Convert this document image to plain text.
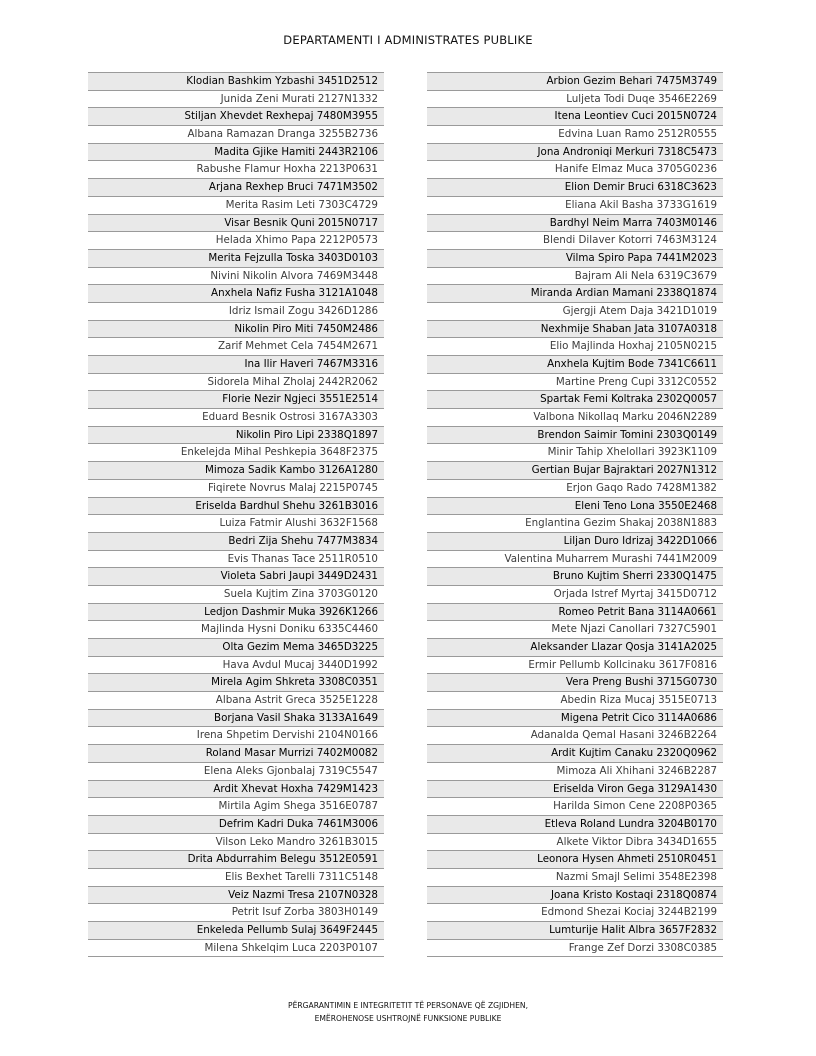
DEPARTAMENTI I ADMINISTRATES PUBLIKE
Klodian Bashkim Yzbashi 3451D2512
Junida Zeni Murati 2127N1332
Stiljan Xhevdet Rexhepaj 7480M3955
Albana Ramazan Dranga 3255B2736
Madita Gjike Hamiti 2443R2106
Rabushe Flamur Hoxha 2213P0631
Arjana Rexhep Bruci 7471M3502
Merita Rasim Leti 7303C4729
Visar Besnik Quni 2015N0717
Helada Xhimo Papa 2212P0573
Merita Fejzulla Toska 3403D0103
Nivini Nikolin Alvora 7469M3448
Anxhela Nafiz Fusha 3121A1048
Idriz Ismail Zogu 3426D1286
Nikolin Piro Miti 7450M2486
Zarif Mehmet Cela 7454M2671
Ina Ilir Haveri 7467M3316
Sidorela Mihal Zholaj 2442R2062
Florie Nezir Ngjeci 3551E2514
Eduard Besnik Ostrosi 3167A3303
Nikolin Piro Lipi 2338Q1897
Enkelejda Mihal Peshkepia 3648F2375
Mimoza Sadik Kambo 3126A1280
Fiqirete Novrus Malaj 2215P0745
Eriselda Bardhul Shehu 3261B3016
Luiza Fatmir Alushi 3632F1568
Bedri Zija Shehu 7477M3834
Evis Thanas Tace 2511R0510
Violeta Sabri Jaupi 3449D2431
Suela Kujtim Zina 3703G0120
Ledjon Dashmir Muka 3926K1266
Majlinda Hysni Doniku 6335C4460
Olta Gezim Mema 3465D3225
Hava Avdul Mucaj 3440D1992
Mirela Agim Shkreta 3308C0351
Albana Astrit Greca 3525E1228
Borjana Vasil Shaka 3133A1649
Irena Shpetim Dervishi 2104N0166
Roland Masar Murrizi 7402M0082
Elena Aleks Gjonbalaj 7319C5547
Ardit Xhevat Hoxha 7429M1423
Mirtila Agim Shega 3516E0787
Defrim Kadri Duka 7461M3006
Vilson Leko Mandro 3261B3015
Drita Abdurrahim Belegu 3512E0591
Elis Bexhet Tarelli 7311C5148
Veiz Nazmi Tresa 2107N0328
Petrit Isuf Zorba 3803H0149
Enkeleda Pellumb Sulaj 3649F2445
Milena Shkelqim Luca 2203P0107
Arbion Gezim Behari 7475M3749
Luljeta Todi Duqe 3546E2269
Itena Leontiev Cuci 2015N0724
Edvina Luan Ramo 2512R0555
Jona Androniqi Merkuri 7318C5473
Hanife Elmaz Muca 3705G0236
Elion Demir Bruci 6318C3623
Eliana Akil Basha 3733G1619
Bardhyl Neim Marra 7403M0146
Blendi Dilaver Kotorri 7463M3124
Vilma Spiro Papa 7441M2023
Bajram Ali Nela 6319C3679
Miranda Ardian Mamani 2338Q1874
Gjergji Atem Daja 3421D1019
Nexhmije Shaban Jata 3107A0318
Elio Majlinda Hoxhaj 2105N0215
Anxhela Kujtim Bode 7341C6611
Martine Preng Cupi 3312C0552
Spartak Femi Koltraka 2302Q0057
Valbona Nikollaq Marku 2046N2289
Brendon Saimir Tomini 2303Q0149
Minir Tahip Xhelollari 3923K1109
Gertian Bujar Bajraktari 2027N1312
Erjon Gaqo Rado 7428M1382
Eleni Teno Lona 3550E2468
Englantina Gezim Shakaj 2038N1883
Liljan Duro Idrizaj 3422D1066
Valentina Muharrem Murashi 7441M2009
Bruno Kujtim Sherri 2330Q1475
Orjada Istref Myrtaj 3415D0712
Romeo Petrit Bana 3114A0661
Mete Njazi Canollari 7327C5901
Aleksander Llazar Qosja 3141A2025
Ermir Pellumb Kollcinaku 3617F0816
Vera Preng Bushi 3715G0730
Abedin Riza Mucaj 3515E0713
Migena Petrit Cico 3114A0686
Adanalda Qemal Hasani 3246B2264
Ardit Kujtim Canaku 2320Q0962
Mimoza Ali Xhihani 3246B2287
Eriselda Viron Gega 3129A1430
Harilda Simon Cene 2208P0365
Etleva Roland Lundra 3204B0170
Alkete Viktor Dibra 3434D1655
Leonora Hysen Ahmeti 2510R0451
Nazmi Smajl Selimi 3548E2398
Joana Kristo Kostaqi 2318Q0874
Edmond Shezai Kociaj 3244B2199
Lumturije Halit Albra 3657F2832
Frange Zef Dorzi 3308C0385
PËRGARANTIMIN E INTEGRITETIT TË PERSONAVE QË ZGJIDHEN,
EMËROHENOSE USHTROJNË FUNKSIONE PUBLIKE
